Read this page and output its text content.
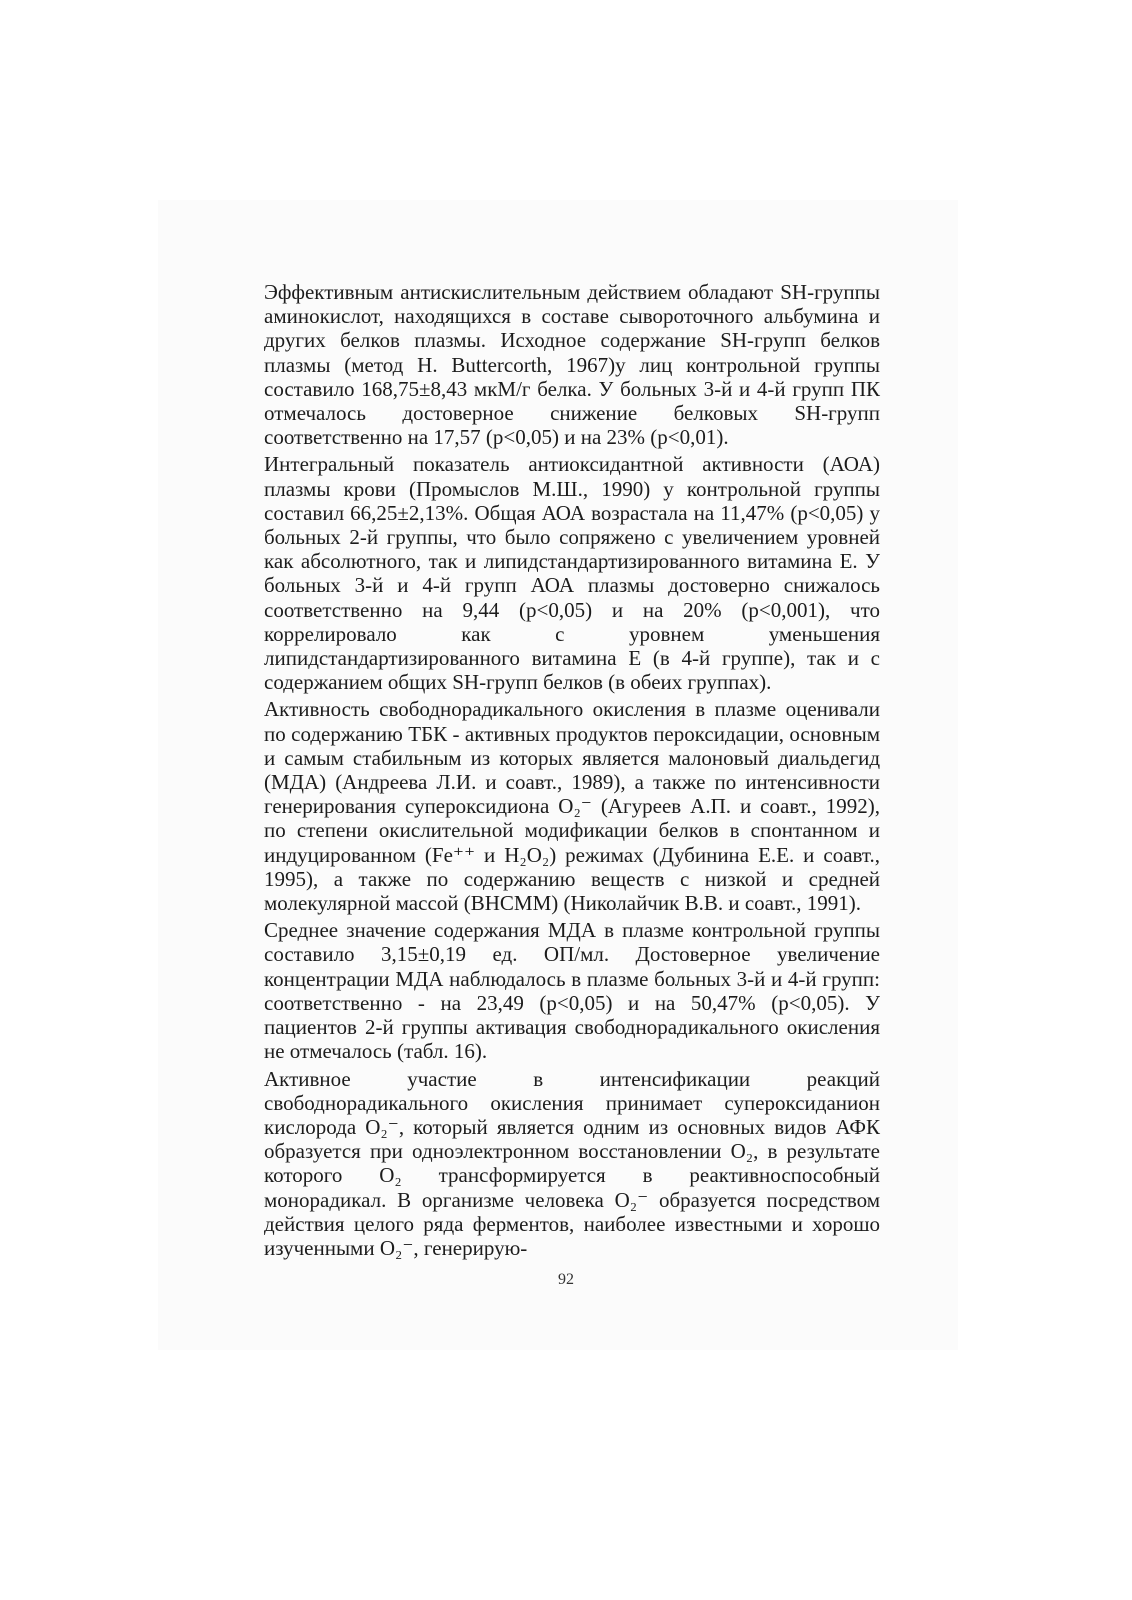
Эффективным антискислительным действием обладают SH-группы аминокислот, находящихся в составе сывороточного альбумина и других белков плазмы. Исходное содержание SH-групп белков плазмы (метод H. Buttercorth, 1967)у лиц контрольной группы составило 168,75±8,43 мкМ/г белка. У больных 3-й и 4-й групп ПК отмечалось достоверное снижение белковых SH-групп соответственно на 17,57 (p<0,05) и на 23% (p<0,01).

Интегральный показатель антиоксидантной активности (АОА) плазмы крови (Промыслов М.Ш., 1990) у контрольной группы составил 66,25±2,13%. Общая АОА возрастала на 11,47% (p<0,05) у больных 2-й группы, что было сопряжено с увеличением уровней как абсолютного, так и липидстандартизированного витамина Е. У больных 3-й и 4-й групп АОА плазмы достоверно снижалось соответственно на 9,44 (p<0,05) и на 20% (p<0,001), что коррелировало как с уровнем уменьшения липидстандартизированного витамина Е (в 4-й группе), так и с содержанием общих SH-групп белков (в обеих группах).

Активность свободнорадикального окисления в плазме оценивали по содержанию ТБК - активных продуктов пероксидации, основным и самым стабильным из которых является малоновый диальдегид (МДА) (Андреева Л.И. и соавт., 1989), а также по интенсивности генерирования супероксидиона O₂⁻ (Агуреев А.П. и соавт., 1992), по степени окислительной модификации белков в спонтанном и индуцированном (Fe⁺⁺ и H₂O₂) режимах (Дубинина Е.Е. и соавт., 1995), а также по содержанию веществ с низкой и средней молекулярной массой (ВНСММ) (Николайчик В.В. и соавт., 1991).

Среднее значение содержания МДА в плазме контрольной группы составило 3,15±0,19 ед. ОП/мл. Достоверное увеличение концентрации МДА наблюдалось в плазме больных 3-й и 4-й групп: соответственно - на 23,49 (p<0,05) и на 50,47% (p<0,05). У пациентов 2-й группы активация свободнорадикального окисления не отмечалось (табл. 16).

Активное участие в интенсификации реакций свободнорадикального окисления принимает супероксиданион кислорода O₂⁻, который является одним из основных видов АФК образуется при одноэлектронном восстановлении O₂, в результате которого O₂ трансформируется в реактивноспособный монорадикал. В организме человека O₂⁻ образуется посредством действия целого ряда ферментов, наиболее известными и хорошо изученными O₂⁻, генерирую-

92
